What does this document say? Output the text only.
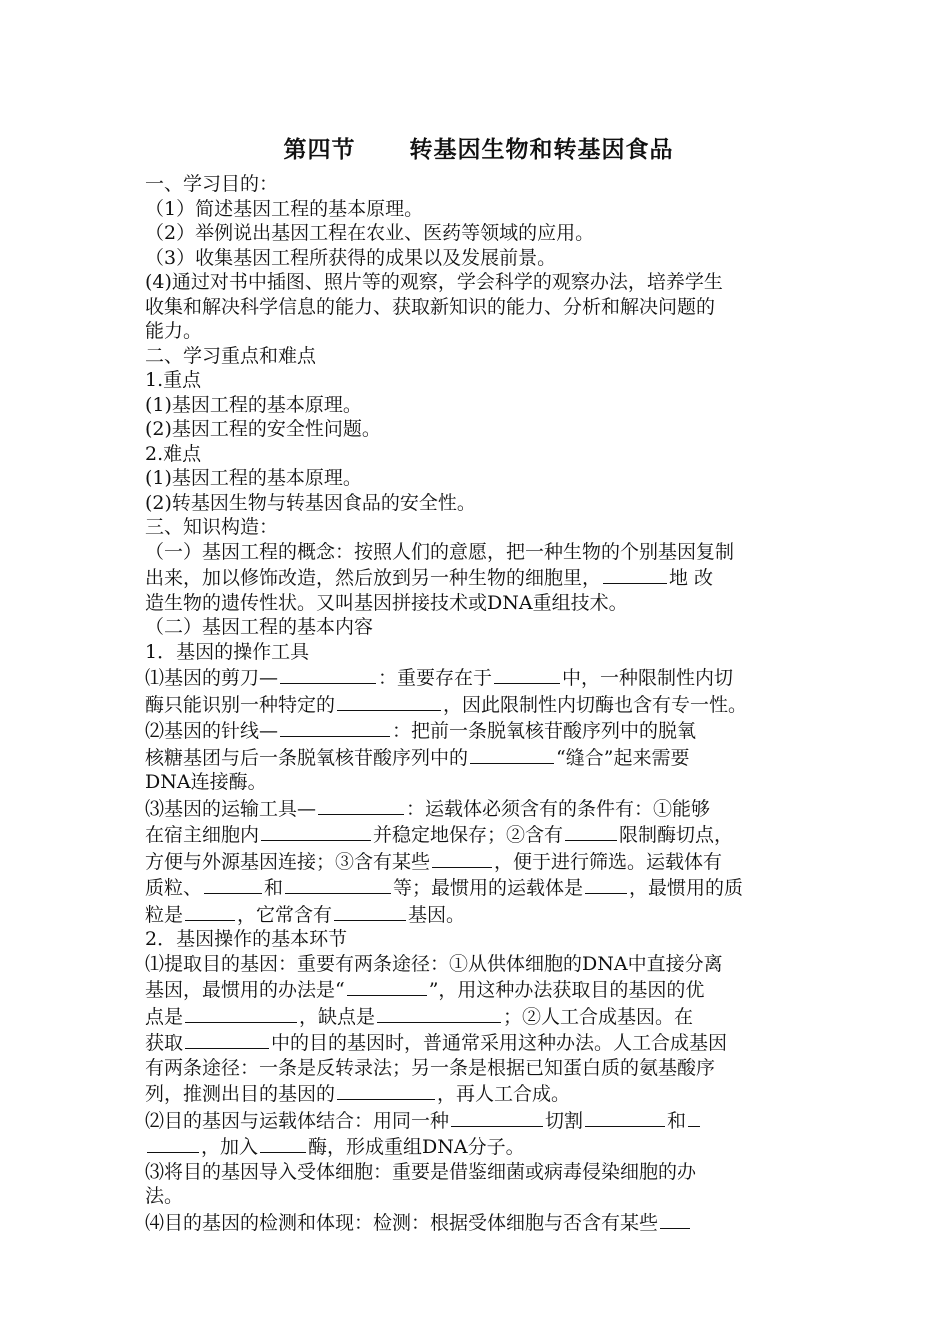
第四节      转基因生物和转基因食品

一、学习目的：

（1）简述基因工程的基本原理。

（2）举例说出基因工程在农业、医药等领域的应用。

（3）收集基因工程所获得的成果以及发展前景。

(4)通过对书中插图、照片等的观察，学会科学的观察办法，培养学生

收集和解决科学信息的能力、获取新知识的能力、分析和解决问题的

能力。

二、学习重点和难点

1.重点

(1)基因工程的基本原理。

(2)基因工程的安全性问题。

2.难点

(1)基因工程的基本原理。

(2)转基因生物与转基因食品的安全性。

三、知识构造：

（一）基因工程的概念：按照人们的意愿，把一种生物的个别基因复制

出来，加以修饰改造，然后放到另一种生物的细胞里，	地 改

造生物的遗传性状。又叫基因拼接技术或DNA重组技术。

（二）基因工程的基本内容

1．基因的操作工具

⑴基因的剪刀—	：重要存在于	中，一种限制性内切

酶只能识别一种特定的	，因此限制性内切酶也含有专一性。

⑵基因的针线—	：把前一条脱氧核苷酸序列中的脱氧

核糖基团与后一条脱氧核苷酸序列中的	“缝合”起来需要

DNA连接酶。

⑶基因的运输工具—	：运载体必须含有的条件有：①能够

在宿主细胞内	并稳定地保存；②含有	限制酶切点，

方便与外源基因连接；③含有某些	，便于进行筛选。运载体有

质粒、	和	等；最惯用的运载体是 ，最惯用的质

粒是	，它常含有	基因。

2．基因操作的基本环节

⑴提取目的基因：重要有两条途径：①从供体细胞的DNA中直接分离

基因，最惯用的办法是“	”，用这种办法获取目的基因的优

点是	，缺点是	；②人工合成基因。在

获取	中的目的基因时，普通常采用这种办法。人工合成基因

有两条途径：一条是反转录法；另一条是根据已知蛋白质的氨基酸序

列，推测出目的基因的	，再人工合成。

⑵目的基因与运载体结合：用同一种	切割	和

，加入	酶，形成重组DNA分子。

⑶将目的基因导入受体细胞：重要是借鉴细菌或病毒侵染细胞的办

法。

⑷目的基因的检测和体现：检测：根据受体细胞与否含有某些
